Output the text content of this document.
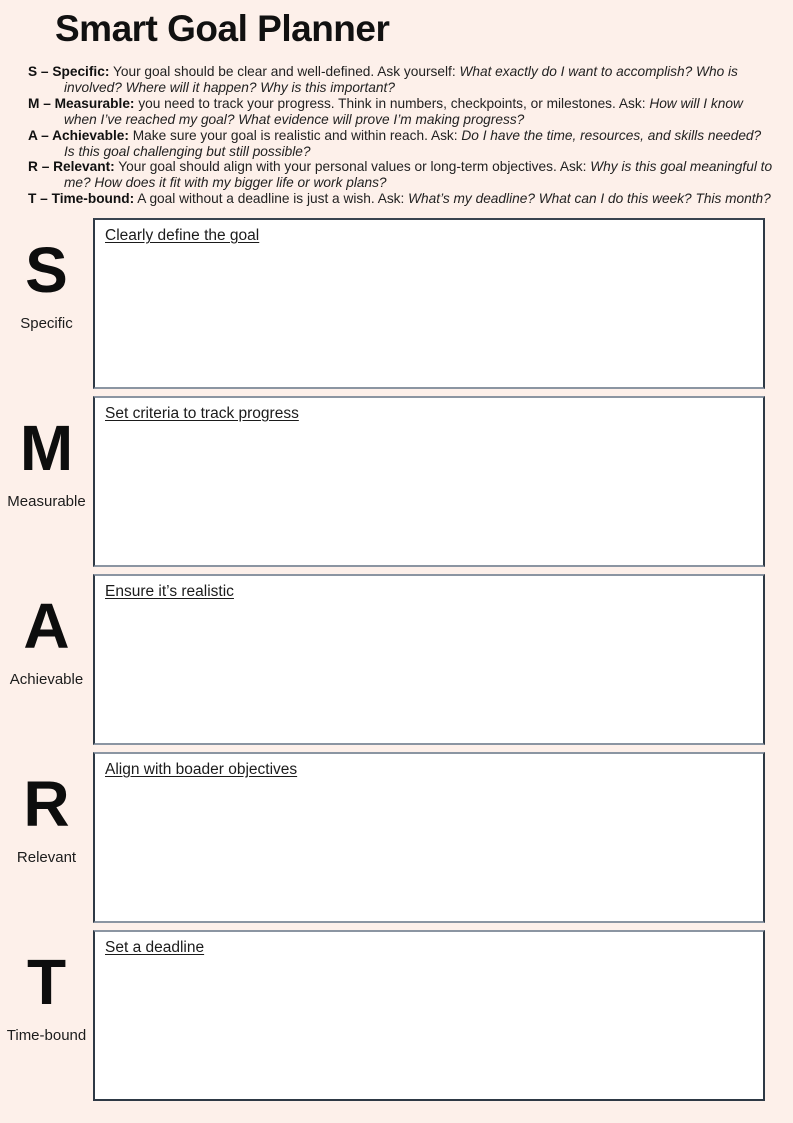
Smart Goal Planner

S – Specific: Your goal should be clear and well-defined. Ask yourself: What exactly do I want to accomplish? Who is involved? Where will it happen? Why is this important?

M – Measurable: you need to track your progress. Think in numbers, checkpoints, or milestones. Ask: How will I know when I’ve reached my goal? What evidence will prove I’m making progress?

A – Achievable: Make sure your goal is realistic and within reach. Ask: Do I have the time, resources, and skills needed? Is this goal challenging but still possible?

R – Relevant: Your goal should align with your personal values or long-term objectives. Ask: Why is this goal meaningful to me? How does it fit with my bigger life or work plans?

T – Time-bound: A goal without a deadline is just a wish. Ask: What’s my deadline? What can I do this week? This month?

S
Specific
Clearly define the goal
M
Measurable
Set criteria to track progress
A
Achievable
Ensure it’s realistic
R
Relevant
Align with boader objectives
T
Time-bound
Set a deadline
